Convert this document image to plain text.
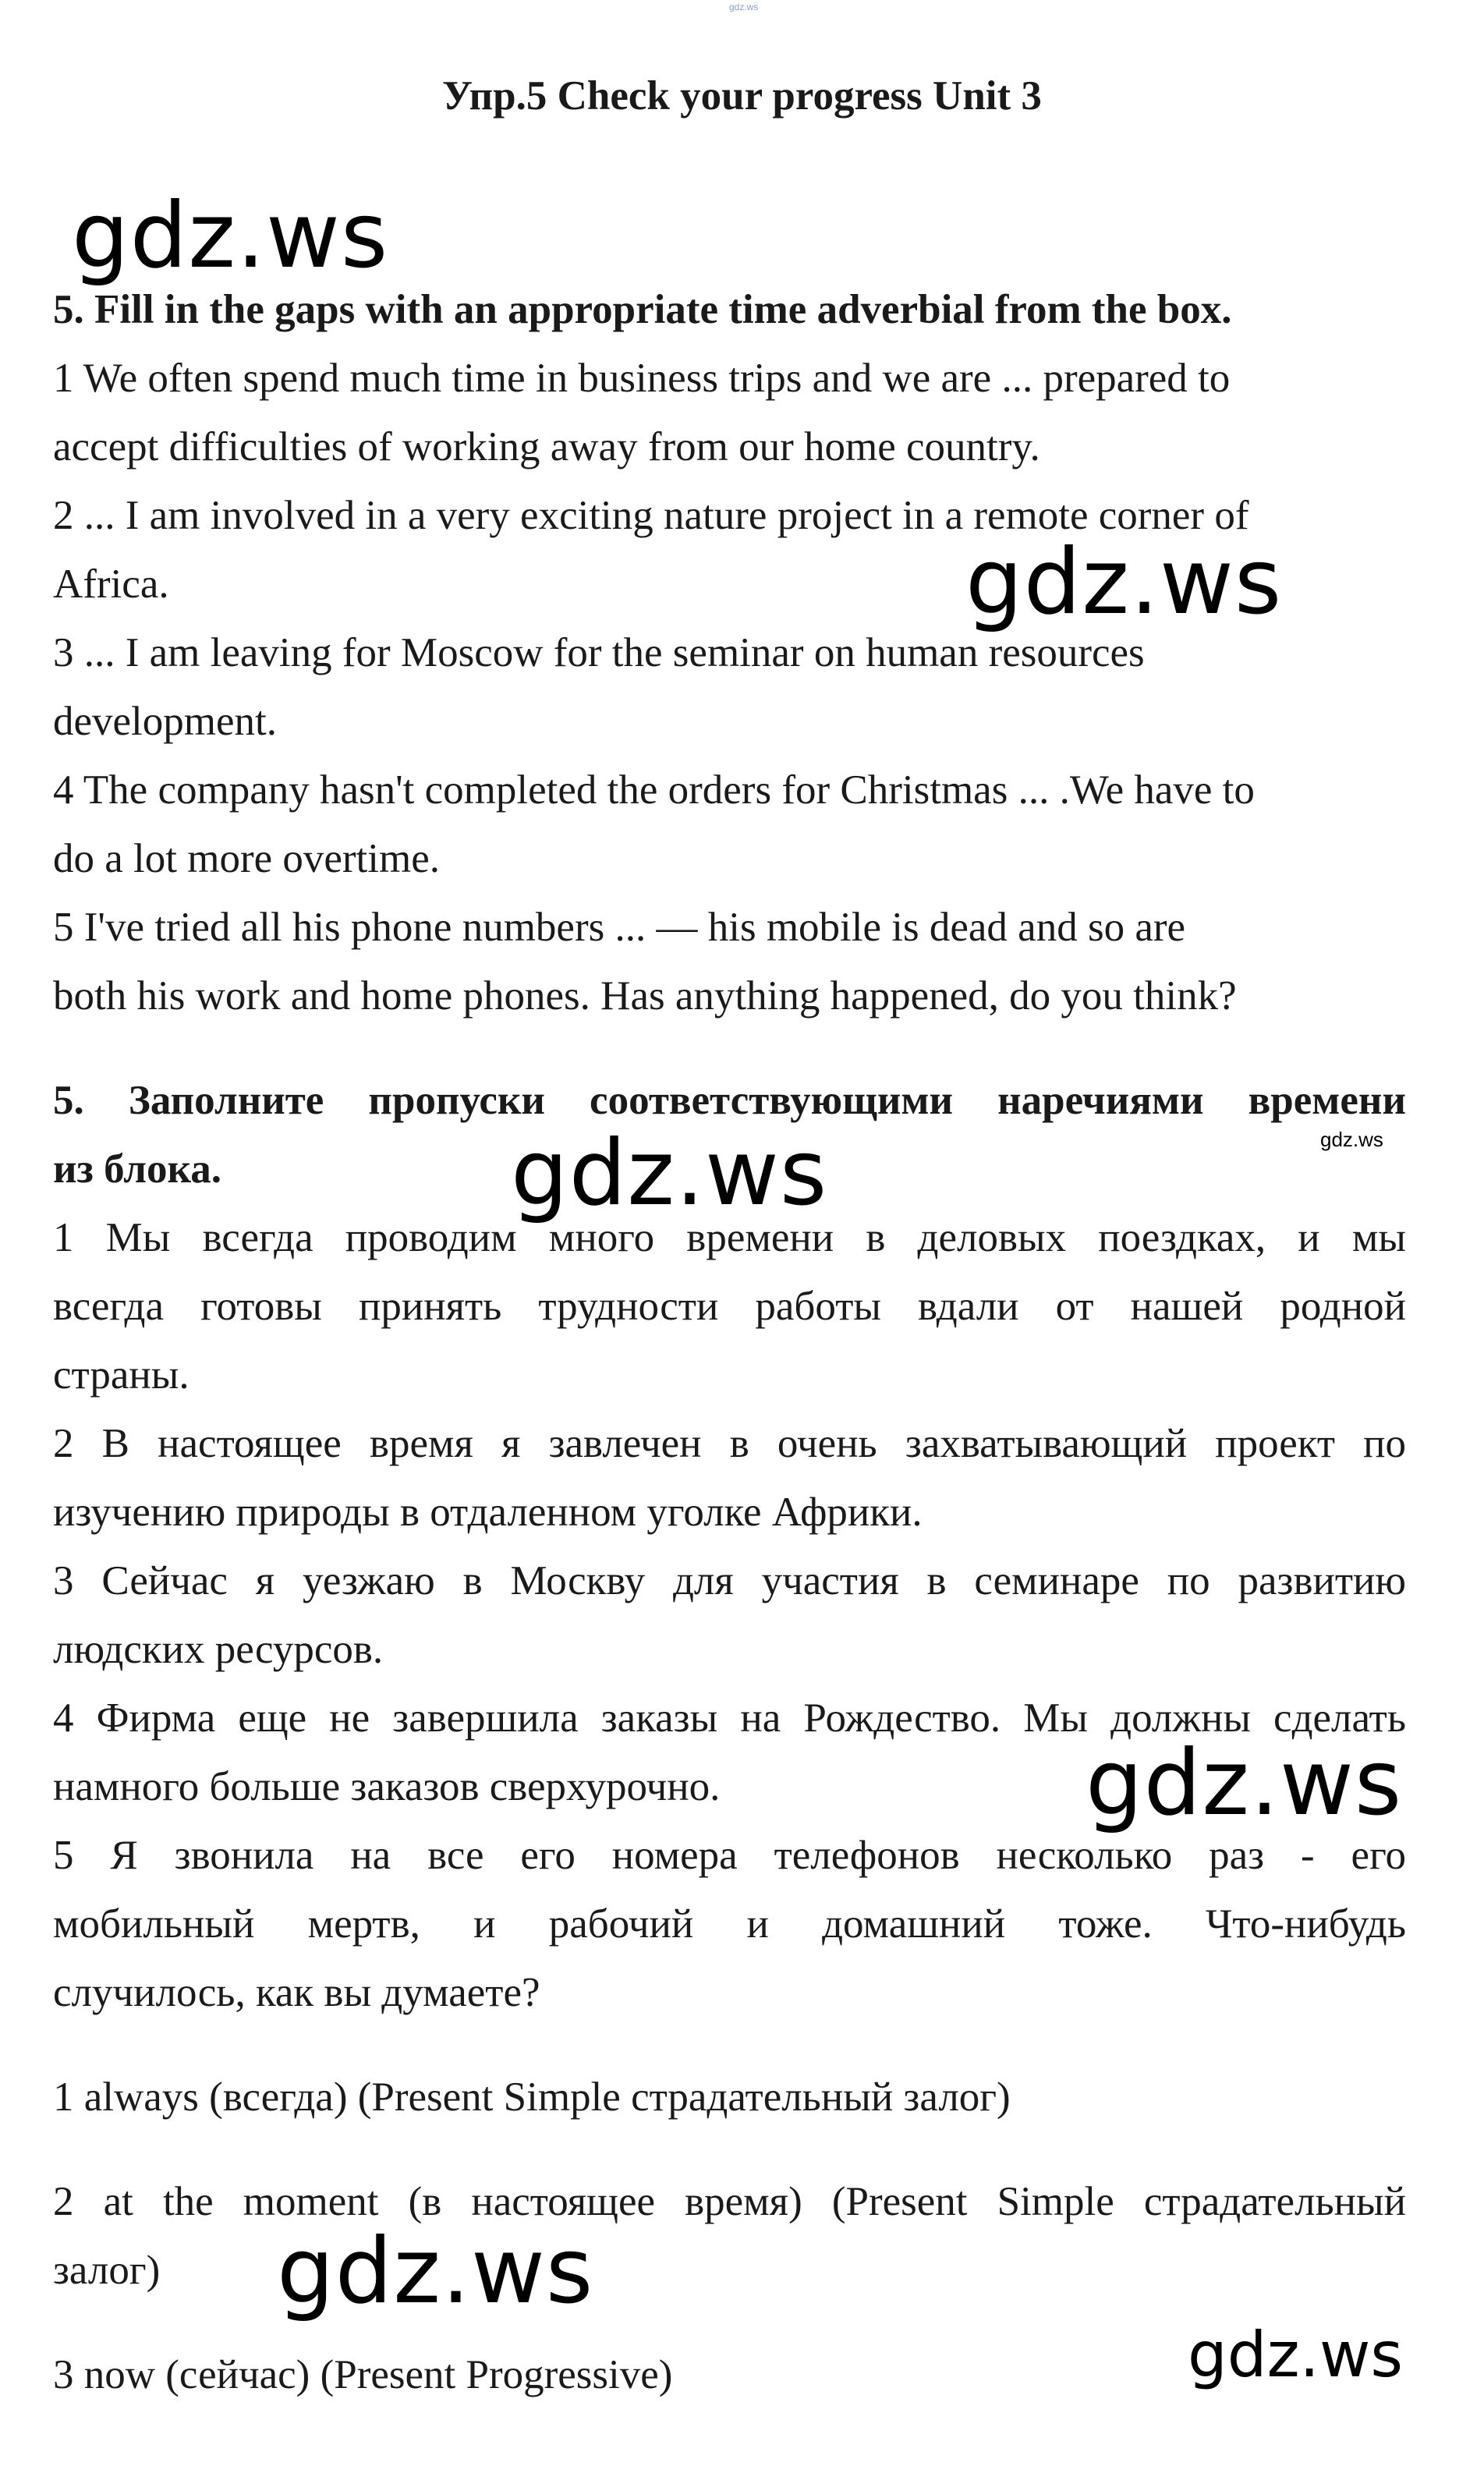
gdz.ws
Упр.5 Check your progress Unit 3
gdz.ws
5. Fill in the gaps with an appropriate time adverbial from the box.
1 We often spend much time in business trips and we are ... prepared to
accept difficulties of working away from our home country.
2 ... I am involved in a very exciting nature project in a remote corner of
Africa.	gdz.ws
3 ... I am leaving for Moscow for the seminar on human resources
development.
4 The company hasn't completed the orders for Christmas ... .We have to
do a lot more overtime.
5 I've tried all his phone numbers ... — his mobile is dead and so are
both his work and home phones. Has anything happened, do you think?
5. Заполните пропуски соответствующими наречиями времени
gdz.ws
из блока.	gdz.ws
1 Мы всегда проводим много времени в деловых поездках, и мы
всегда готовы принять трудности работы вдали от нашей родной
страны.
2 В настоящее время я завлечен в очень захватывающий проект по
изучению природы в отдаленном уголке Африки.
3 Сейчас я уезжаю в Москву для участия в семинаре по развитию
людских ресурсов.
4 Фирма еще не завершила заказы на Рождество. Мы должны сделать
намного больше заказов сверхурочно.	gdz.ws
5 Я звонила на все его номера телефонов несколько раз - его
мобильный мертв, и рабочий и домашний тоже. Что-нибудь
случилось, как вы думаете?
1 always (всегда) (Present Simple страдательный залог)
2 at the moment (в настоящее время) (Present Simple страдательный
залог) gdz.ws
3 now (сейчас) (Present Progressive)	gdz.ws
